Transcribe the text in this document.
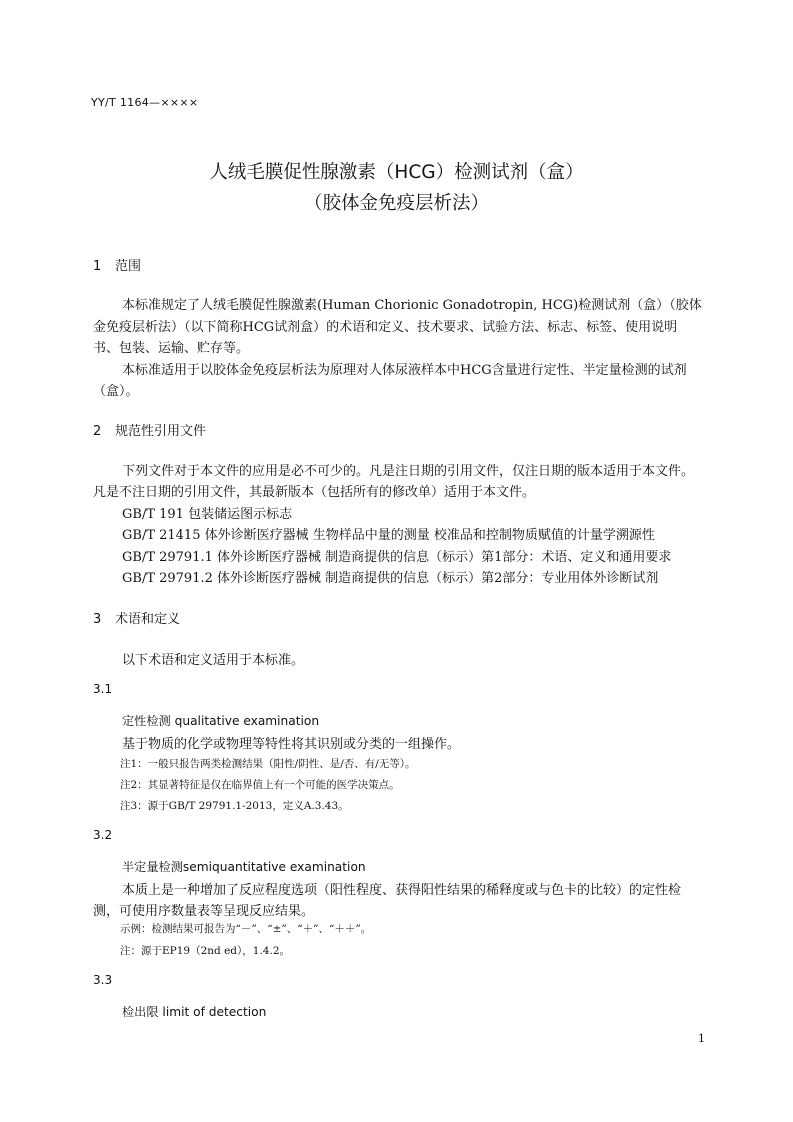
YY/T 1164—××××
人绒毛膜促性腺激素（HCG）检测试剂（盒）
（胶体金免疫层析法）
1 范围
本标准规定了人绒毛膜促性腺激素(Human Chorionic Gonadotropin, HCG)检测试剂（盒）（胶体
金免疫层析法）（以下简称HCG试剂盒）的术语和定义、技术要求、试验方法、标志、标签、使用说明
书、包装、运输、贮存等。
本标准适用于以胶体金免疫层析法为原理对人体尿液样本中HCG含量进行定性、半定量检测的试剂
（盒）。
2 规范性引用文件
下列文件对于本文件的应用是必不可少的。凡是注日期的引用文件，仅注日期的版本适用于本文件。
凡是不注日期的引用文件，其最新版本（包括所有的修改单）适用于本文件。
GB/T 191 包装储运图示标志
GB/T 21415 体外诊断医疗器械 生物样品中量的测量 校准品和控制物质赋值的计量学溯源性
GB/T 29791.1 体外诊断医疗器械 制造商提供的信息（标示）第1部分：术语、定义和通用要求
GB/T 29791.2 体外诊断医疗器械 制造商提供的信息（标示）第2部分：专业用体外诊断试剂
3 术语和定义
以下术语和定义适用于本标准。
3.1
定性检测 qualitative examination
基于物质的化学或物理等特性将其识别或分类的一组操作。
注1：一般只报告两类检测结果（阳性/阴性、是/否、有/无等）。
注2：其显著特征是仅在临界值上有一个可能的医学决策点。
注3：源于GB/T 29791.1-2013，定义A.3.43。
3.2
半定量检测semiquantitative examination
本质上是一种增加了反应程度选项（阳性程度、获得阳性结果的稀释度或与色卡的比较）的定性检
测，可使用序数量表等呈现反应结果。
示例：检测结果可报告为“－”、“±”、“＋”、“＋＋”。
注：源于EP19（2nd ed），1.4.2。
3.3
检出限 limit of detection
1
